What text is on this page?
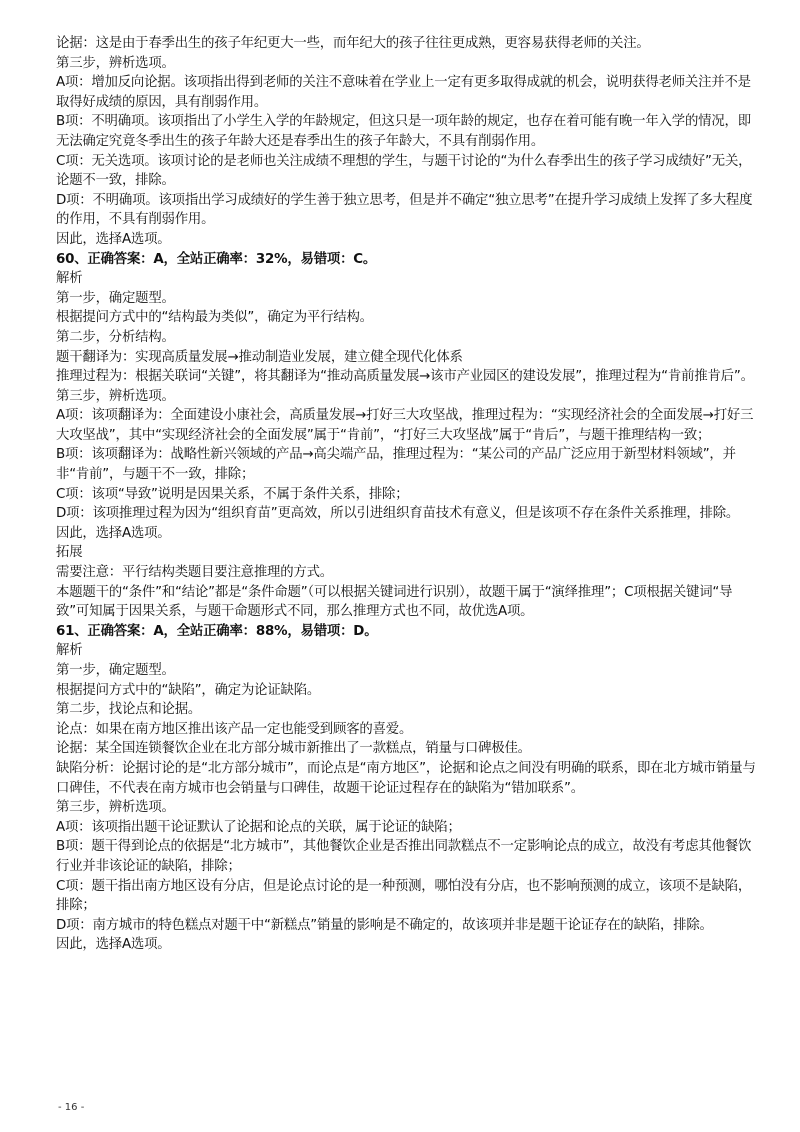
论据：这是由于春季出生的孩子年纪更大一些，而年纪大的孩子往往更成熟，更容易获得老师的关注。

第三步，辨析选项。

A项：增加反向论据。该项指出得到老师的关注不意味着在学业上一定有更多取得成就的机会，说明获得老师关注并不是取得好成绩的原因，具有削弱作用。

B项：不明确项。该项指出了小学生入学的年龄规定，但这只是一项年龄的规定，也存在着可能有晚一年入学的情况，即无法确定究竟冬季出生的孩子年龄大还是春季出生的孩子年龄大，不具有削弱作用。

C项：无关选项。该项讨论的是老师也关注成绩不理想的学生，与题干讨论的“为什么春季出生的孩子学习成绩好”无关，论题不一致，排除。

D项：不明确项。该项指出学习成绩好的学生善于独立思考，但是并不确定“独立思考”在提升学习成绩上发挥了多大程度的作用，不具有削弱作用。

因此，选择A选项。

60、正确答案：A，全站正确率：32%，易错项：C。

解析

第一步，确定题型。

根据提问方式中的“结构最为类似”，确定为平行结构。

第二步，分析结构。

题干翻译为：实现高质量发展→推动制造业发展，建立健全现代化体系

推理过程为：根据关联词“关键”，将其翻译为“推动高质量发展→该市产业园区的建设发展”，推理过程为“肯前推肯后”。

第三步，辨析选项。

A项：该项翻译为：全面建设小康社会，高质量发展→打好三大攻坚战，推理过程为：“实现经济社会的全面发展→打好三大攻坚战”，其中“实现经济社会的全面发展”属于“肯前”，“打好三大攻坚战”属于“肯后”，与题干推理结构一致；

B项：该项翻译为：战略性新兴领域的产品→高尖端产品，推理过程为：“某公司的产品广泛应用于新型材料领域”，并非“肯前”，与题干不一致，排除；

C项：该项“导致”说明是因果关系，不属于条件关系，排除；

D项：该项推理过程为因为“组织育苗”更高效，所以引进组织育苗技术有意义，但是该项不存在条件关系推理，排除。

因此，选择A选项。

拓展

需要注意：平行结构类题目要注意推理的方式。

本题题干的“条件”和“结论”都是“条件命题”（可以根据关键词进行识别），故题干属于“演绎推理”；C项根据关键词“导致”可知属于因果关系，与题干命题形式不同，那么推理方式也不同，故优选A项。

61、正确答案：A，全站正确率：88%，易错项：D。

解析

第一步，确定题型。

根据提问方式中的“缺陷”，确定为论证缺陷。

第二步，找论点和论据。

论点：如果在南方地区推出该产品一定也能受到顾客的喜爱。

论据：某全国连锁餐饮企业在北方部分城市新推出了一款糕点，销量与口碑极佳。

缺陷分析：论据讨论的是“北方部分城市”，而论点是“南方地区”，论据和论点之间没有明确的联系，即在北方城市销量与口碑佳，不代表在南方城市也会销量与口碑佳，故题干论证过程存在的缺陷为“错加联系”。

第三步，辨析选项。

A项：该项指出题干论证默认了论据和论点的关联，属于论证的缺陷；

B项：题干得到论点的依据是“北方城市”，其他餐饮企业是否推出同款糕点不一定影响论点的成立，故没有考虑其他餐饮行业并非该论证的缺陷，排除；

C项：题干指出南方地区设有分店，但是论点讨论的是一种预测，哪怕没有分店，也不影响预测的成立，该项不是缺陷，排除；

D项：南方城市的特色糕点对题干中“新糕点”销量的影响是不确定的，故该项并非是题干论证存在的缺陷，排除。

因此，选择A选项。

- 16 -
